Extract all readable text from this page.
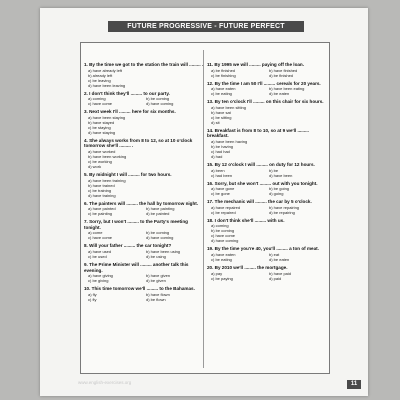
FUTURE PROGRESSIVE - FUTURE PERFECT
1. By the time we got to the station the train will ......... .
a) have already left
b) already left
c) be leaving
d) have been leaving
2. I don't think they'll ......... to our party.
a) coming	b) be coming
c) have come	d) have coming
3. Next week I'll ......... here for six months.
a) have been staying
b) have stayed
c) be staying
d) have staying
4. She always works from 8 to 12, so at 10 o'clock tomorrow she'll ......... .
a) have worked
b) have been working
c) be working
d) work
5. By midnight I will ......... for two hours.
a) have been training
b) have trained
c) be training
d) have training
6. The painters will ......... the hall by tomorrow night.
a) have painted	b) have painting
c) be painting	d) be painted
7. Sorry, but I won't ......... to the Party's meeting tonight.
a) come	b) be coming
c) have come	d) have coming
8. Will your father ......... the car tonight?
a) have used	b) have been using
c) be used	d) be using
9. The Prime Minister will ......... another talk this evening.
a) have giving	b) have given
c) be giving	d) be given
10. This time tomorrow we'll ......... to the Bahamas.
a) fly	b) have flown
c) fly	d) be flown
11. By 1995 we will ......... paying off the loan.
a) be finished	b) have finished
c) be finishing	d) be finished
12. By the time I am 50 I'll ......... cereals for 20 years.
a) have eaten	b) have been eating
c) be eating	d) be eaten
13. By ten o'clock I'll ......... on this chair for six hours.
a) have been sitting
b) have sat
c) be sitting
d) sit
14. Breakfast is from 8 to 10, so at 9 we'll ......... breakfast.
a) have been having
b) be having
c) had had
d) had
15. By 12 o'clock I will ......... on duty for 12 hours.
a) been	b) be
c) had been	d) have been
16. Sorry, but she won't ......... out with you tonight.
a) have gone	b) be going
c) be gone	d) going
17. The mechanic will ......... the car by 5 o'clock.
a) have repaired	b) have repairing
c) be repaired	d) be repairing
18. I don't think she'll ......... with us.
a) coming
b) be coming
c) have come
d) have coming
19. By the time you're 40, you'll ......... a ton of meat.
a) have eaten	b) eat
c) be eating	d) be eaten
20. By 2010 we'll ......... the mortgage.
a) pay	b) have paid
c) be paying	d) paid
www.english-exercises.org	11
